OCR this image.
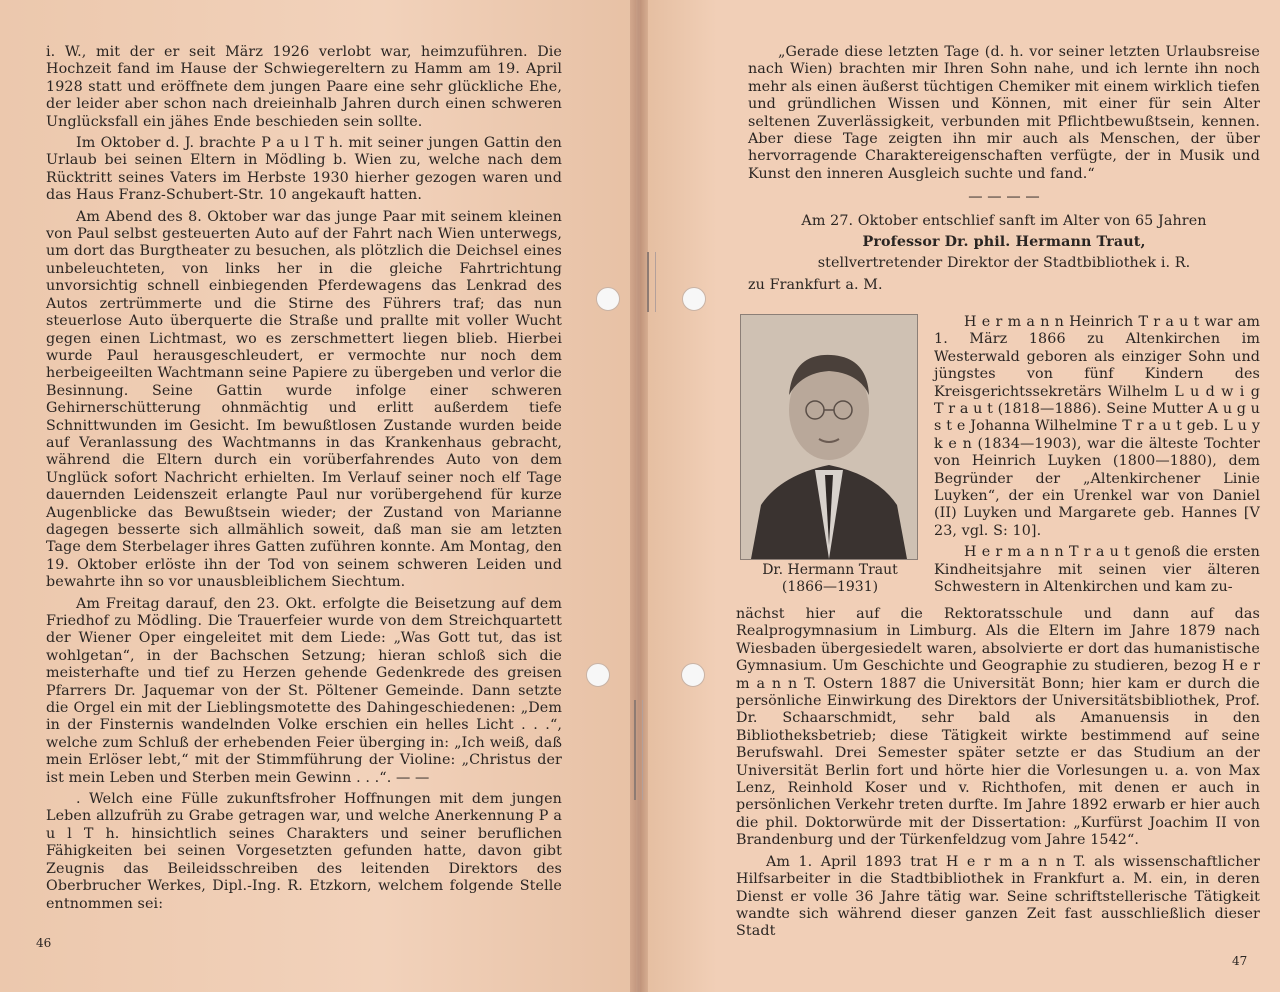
i. W., mit der er seit März 1926 verlobt war, heimzuführen. Die Hochzeit fand im Hause der Schwiegereltern zu Hamm am 19. April 1928 statt und eröffnete dem jungen Paare eine sehr glückliche Ehe, der leider aber schon nach dreieinhalb Jahren durch einen schweren Unglücksfall ein jähes Ende beschieden sein sollte.

Im Oktober d. J. brachte P a u l T h. mit seiner jungen Gattin den Urlaub bei seinen Eltern in Mödling b. Wien zu, welche nach dem Rücktritt seines Vaters im Herbste 1930 hierher gezogen waren und das Haus Franz-Schubert-Str. 10 angekauft hatten.

Am Abend des 8. Oktober war das junge Paar mit seinem kleinen von Paul selbst gesteuerten Auto auf der Fahrt nach Wien unterwegs, um dort das Burgtheater zu besuchen, als plötzlich die Deichsel eines unbeleuchteten, von links her in die gleiche Fahrtrichtung unvorsichtig schnell einbiegenden Pferdewagens das Lenkrad des Autos zertrümmerte und die Stirne des Führers traf; das nun steuerlose Auto überquerte die Straße und prallte mit voller Wucht gegen einen Lichtmast, wo es zerschmettert liegen blieb. Hierbei wurde Paul herausgeschleudert, er vermochte nur noch dem herbeigeeilten Wachtmann seine Papiere zu übergeben und verlor die Besinnung. Seine Gattin wurde infolge einer schweren Gehirnerschütterung ohnmächtig und erlitt außerdem tiefe Schnittwunden im Gesicht. Im bewußtlosen Zustande wurden beide auf Veranlassung des Wachtmanns in das Krankenhaus gebracht, während die Eltern durch ein vorüberfahrendes Auto von dem Unglück sofort Nachricht erhielten. Im Verlauf seiner noch elf Tage dauernden Leidenszeit erlangte Paul nur vorübergehend für kurze Augenblicke das Bewußtsein wieder; der Zustand von Marianne dagegen besserte sich allmählich soweit, daß man sie am letzten Tage dem Sterbelager ihres Gatten zuführen konnte. Am Montag, den 19. Oktober erlöste ihn der Tod von seinem schweren Leiden und bewahrte ihn so vor unausbleiblichem Siechtum.

Am Freitag darauf, den 23. Okt. erfolgte die Beisetzung auf dem Friedhof zu Mödling. Die Trauerfeier wurde von dem Streichquartett der Wiener Oper eingeleitet mit dem Liede: „Was Gott tut, das ist wohlgetan“, in der Bachschen Setzung; hieran schloß sich die meisterhafte und tief zu Herzen gehende Gedenkrede des greisen Pfarrers Dr. Jaquemar von der St. Pöltener Gemeinde. Dann setzte die Orgel ein mit der Lieblingsmotette des Dahingeschiedenen: „Dem in der Finsternis wandelnden Volke erschien ein helles Licht . . .“, welche zum Schluß der erhebenden Feier überging in: „Ich weiß, daß mein Erlöser lebt,“ mit der Stimmführung der Violine: „Christus der ist mein Leben und Sterben mein Gewinn . . .“. — —

. Welch eine Fülle zukunftsfroher Hoffnungen mit dem jungen Leben allzufrüh zu Grabe getragen war, und welche Anerkennung P a u l T h. hinsichtlich seines Charakters und seiner beruflichen Fähigkeiten bei seinen Vorgesetzten gefunden hatte, davon gibt Zeugnis das Beileidsschreiben des leitenden Direktors des Oberbrucher Werkes, Dipl.-Ing. R. Etzkorn, welchem folgende Stelle entnommen sei:

46
47

„Gerade diese letzten Tage (d. h. vor seiner letzten Urlaubsreise nach Wien) brachten mir Ihren Sohn nahe, und ich lernte ihn noch mehr als einen äußerst tüchtigen Chemiker mit einem wirklich tiefen und gründlichen Wissen und Können, mit einer für sein Alter seltenen Zuverlässigkeit, verbunden mit Pflichtbewußtsein, kennen. Aber diese Tage zeigten ihn mir auch als Menschen, der über hervorragende Charaktereigenschaften verfügte, der in Musik und Kunst den inneren Ausgleich suchte und fand.“

— — — —

Am 27. Oktober entschlief sanft im Alter von 65 Jahren

Professor Dr. phil. Hermann Traut,

stellvertretender Direktor der Stadtbibliothek i. R.

zu Frankfurt a. M.

Dr. Hermann Traut
(1866—1931)

H e r m a n n Heinrich T r a u t war am 1. März 1866 zu Altenkirchen im Westerwald geboren als einziger Sohn und jüngstes von fünf Kindern des Kreisgerichtssekretärs Wilhelm L u d w i g T r a u t (1818—1886). Seine Mutter A u g u s t e Johanna Wilhelmine T r a u t geb. L u y k e n (1834—1903), war die älteste Tochter von Heinrich Luyken (1800—1880), dem Begründer der „Altenkirchener Linie Luyken“, der ein Urenkel war von Daniel (II) Luyken und Margarete geb. Hannes [V 23, vgl. S: 10].

H e r m a n n T r a u t genoß die ersten Kindheitsjahre mit seinen vier älteren Schwestern in Altenkirchen und kam zu-

nächst hier auf die Rektoratsschule und dann auf das Realprogymnasium in Limburg. Als die Eltern im Jahre 1879 nach Wiesbaden übergesiedelt waren, absolvierte er dort das humanistische Gymnasium. Um Geschichte und Geographie zu studieren, bezog H e r m a n n T. Ostern 1887 die Universität Bonn; hier kam er durch die persönliche Einwirkung des Direktors der Universitätsbibliothek, Prof. Dr. Schaarschmidt, sehr bald als Amanuensis in den Bibliotheksbetrieb; diese Tätigkeit wirkte bestimmend auf seine Berufswahl. Drei Semester später setzte er das Studium an der Universität Berlin fort und hörte hier die Vorlesungen u. a. von Max Lenz, Reinhold Koser und v. Richthofen, mit denen er auch in persönlichen Verkehr treten durfte. Im Jahre 1892 erwarb er hier auch die phil. Doktorwürde mit der Dissertation: „Kurfürst Joachim II von Brandenburg und der Türkenfeldzug vom Jahre 1542“.

Am 1. April 1893 trat H e r m a n n T. als wissenschaftlicher Hilfsarbeiter in die Stadtbibliothek in Frankfurt a. M. ein, in deren Dienst er volle 36 Jahre tätig war. Seine schriftstellerische Tätigkeit wandte sich während dieser ganzen Zeit fast ausschließlich dieser Stadt
